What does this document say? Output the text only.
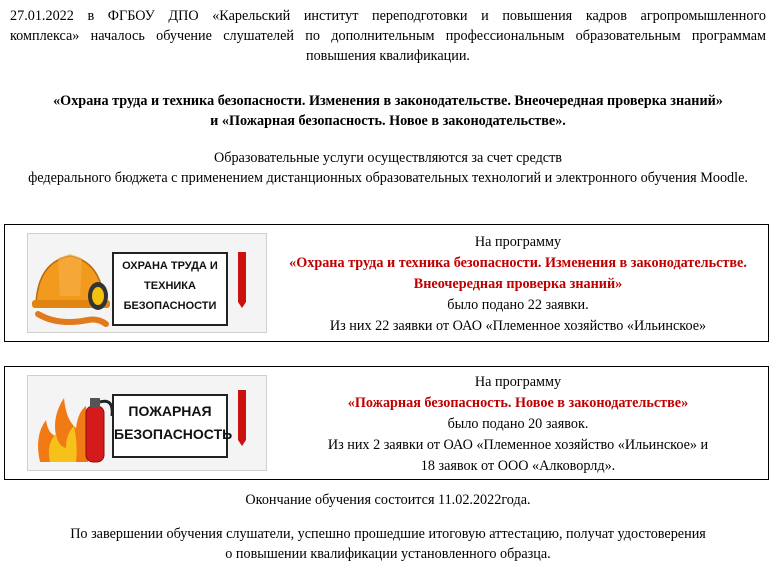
27.01.2022 в ФГБОУ ДПО «Карельский институт переподготовки и повышения кадров агропромышленного
комплекса» началось обучение слушателей по дополнительным профессиональным образовательным программам
повышения квалификации.
«Охрана труда и техника безопасности. Изменения в законодательстве. Внеочередная проверка знаний»
и «Пожарная безопасность. Новое в законодательстве».
Образовательные услуги осуществляются за счет средств
федерального бюджета с применением дистанционных образовательных технологий и электронного обучения Moodle.
ОХРАНА ТРУДА И
ТЕХНИКА
БЕЗОПАСНОСТИ
На программу
«Охрана труда и техника безопасности. Изменения в законодательстве.
Внеочередная проверка знаний»
было подано 22 заявки.
Из них 22 заявки от ОАО «Племенное хозяйство «Ильинское»
ПОЖАРНАЯ
БЕЗОПАСНОСТЬ
На программу
«Пожарная безопасность. Новое в законодательстве»
было подано 20 заявок.
Из них 2 заявки от ОАО «Племенное хозяйство «Ильинское» и
18 заявок от ООО «Алковорлд».
Окончание обучения состоится 11.02.2022года.
По завершении обучения слушатели, успешно прошедшие итоговую аттестацию, получат удостоверения
о повышении квалификации установленного образца.
